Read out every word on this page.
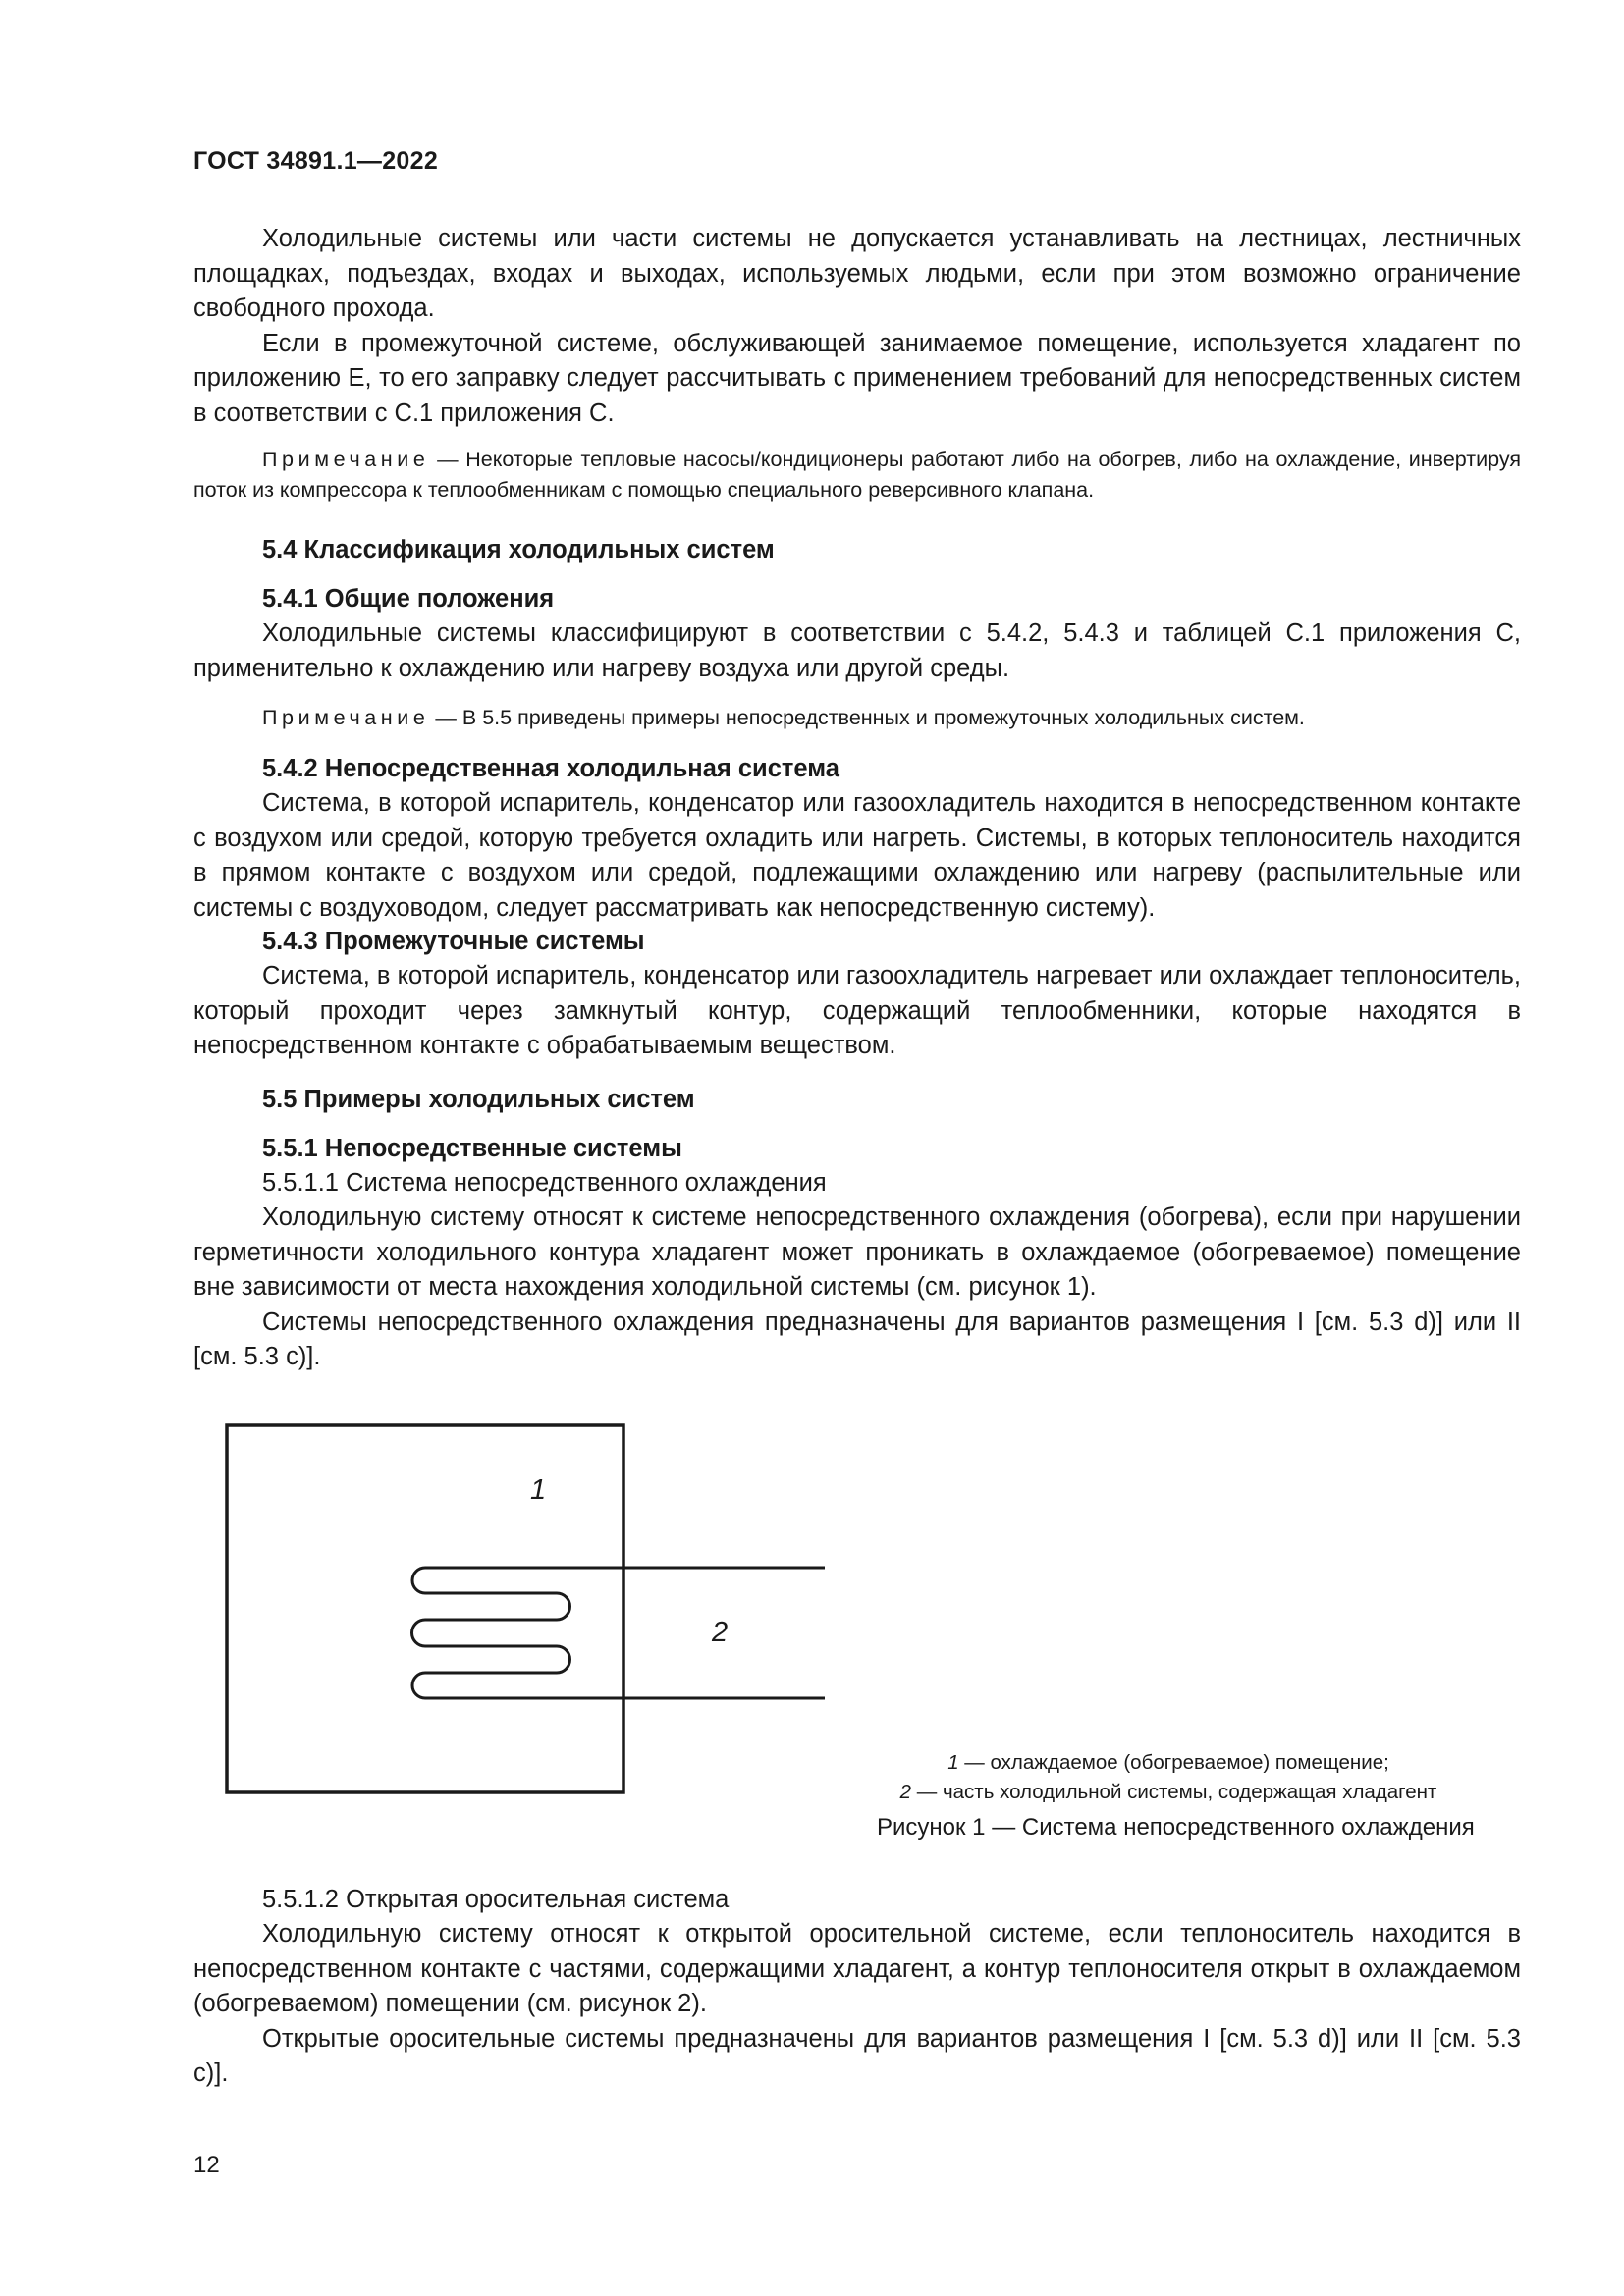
ГОСТ 34891.1—2022

Холодильные системы или части системы не допускается устанавливать на лестницах, лестничных площадках, подъездах, входах и выходах, используемых людьми, если при этом возможно ограничение свободного прохода.

Если в промежуточной системе, обслуживающей занимаемое помещение, используется хладагент по приложению Е, то его заправку следует рассчитывать с применением требований для непосредственных систем в соответствии с С.1 приложения С.

Примечание — Некоторые тепловые насосы/кондиционеры работают либо на обогрев, либо на охлаждение, инвертируя поток из компрессора к теплообменникам с помощью специального реверсивного клапана.

5.4 Классификация холодильных систем
5.4.1 Общие положения

Холодильные системы классифицируют в соответствии с 5.4.2, 5.4.3 и таблицей С.1 приложения С, применительно к охлаждению или нагреву воздуха или другой среды.

Примечание — В 5.5 приведены примеры непосредственных и промежуточных холодильных систем.

5.4.2 Непосредственная холодильная система

Система, в которой испаритель, конденсатор или газоохладитель находится в непосредственном контакте с воздухом или средой, которую требуется охладить или нагреть. Системы, в которых теплоноситель находится в прямом контакте с воздухом или средой, подлежащими охлаждению или нагреву (распылительные или системы с воздуховодом, следует рассматривать как непосредственную систему).

5.4.3 Промежуточные системы

Система, в которой испаритель, конденсатор или газоохладитель нагревает или охлаждает теплоноситель, который проходит через замкнутый контур, содержащий теплообменники, которые находятся в непосредственном контакте с обрабатываемым веществом.

5.5 Примеры холодильных систем
5.5.1 Непосредственные системы
5.5.1.1 Система непосредственного охлаждения

Холодильную систему относят к системе непосредственного охлаждения (обогрева), если при нарушении герметичности холодильного контура хладагент может проникать в охлаждаемое (обогреваемое) помещение вне зависимости от места нахождения холодильной системы (см. рисунок 1).

Системы непосредственного охлаждения предназначены для вариантов размещения I [см. 5.3 d)] или II [см. 5.3 с)].

1
2
1 — охлаждаемое (обогреваемое) помещение;
2 — часть холодильной системы, содержащая хладагент
Рисунок 1 — Система непосредственного охлаждения
5.5.1.2 Открытая оросительная система

Холодильную систему относят к открытой оросительной системе, если теплоноситель находится в непосредственном контакте с частями, содержащими хладагент, а контур теплоносителя открыт в охлаждаемом (обогреваемом) помещении (см. рисунок 2).

Открытые оросительные системы предназначены для вариантов размещения I [см. 5.3 d)] или II [см. 5.3 с)].

12
